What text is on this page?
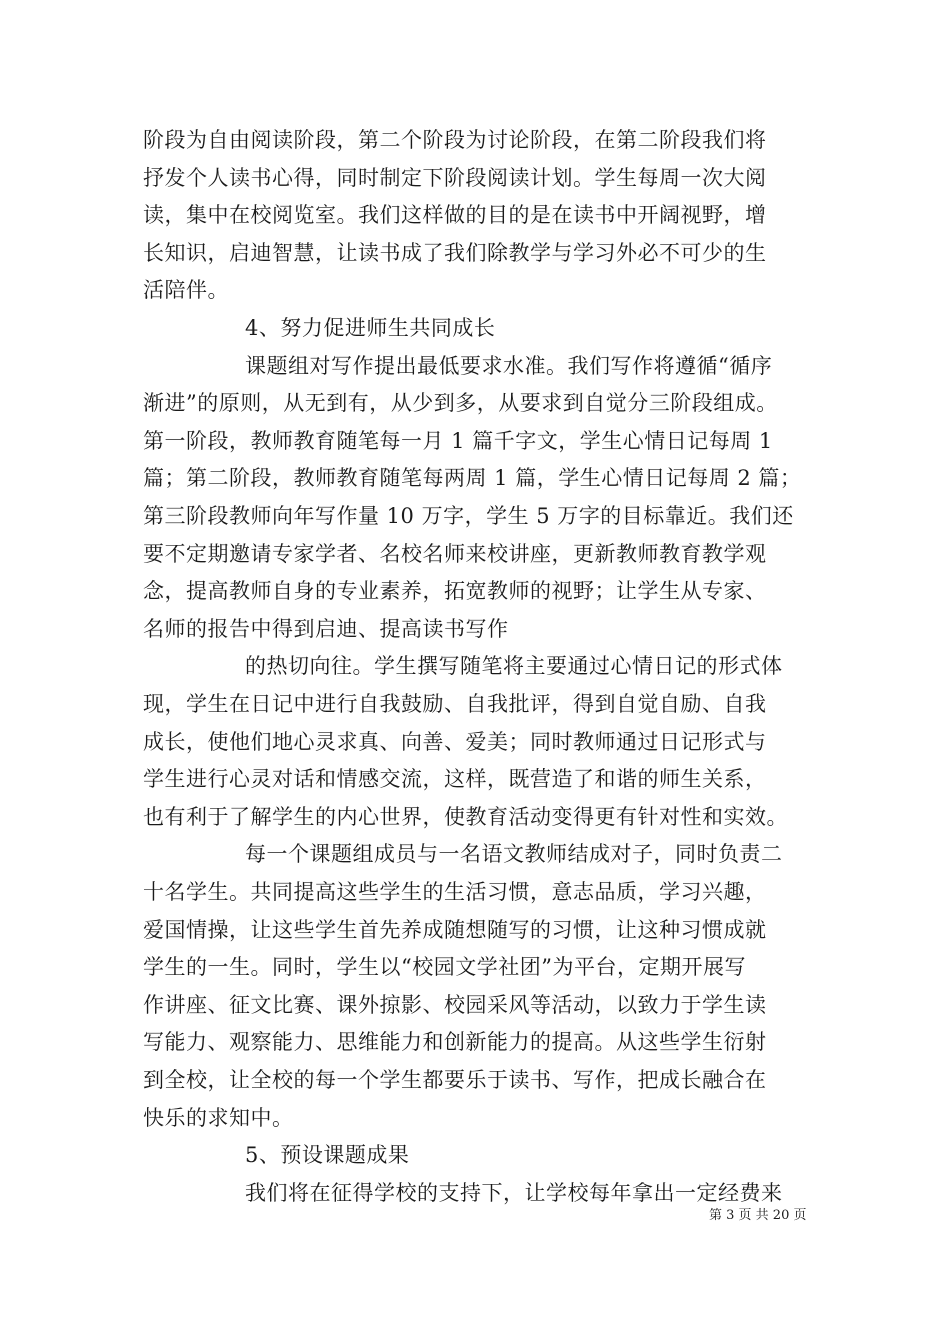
阶段为自由阅读阶段，第二个阶段为讨论阶段，在第二阶段我们将
抒发个人读书心得，同时制定下阶段阅读计划。学生每周一次大阅
读，集中在校阅览室。我们这样做的目的是在读书中开阔视野，增
长知识，启迪智慧，让读书成了我们除教学与学习外必不可少的生
活陪伴。
4、努力促进师生共同成长
课题组对写作提出最低要求水准。我们写作将遵循“循序
渐进”的原则，从无到有，从少到多，从要求到自觉分三阶段组成。
第一阶段，教师教育随笔每一月 1 篇千字文，学生心情日记每周 1
篇；第二阶段，教师教育随笔每两周 1 篇，学生心情日记每周 2 篇；
第三阶段教师向年写作量 10 万字，学生 5 万字的目标靠近。我们还
要不定期邀请专家学者、名校名师来校讲座，更新教师教育教学观
念，提高教师自身的专业素养，拓宽教师的视野；让学生从专家、
名师的报告中得到启迪、提高读书写作
的热切向往。学生撰写随笔将主要通过心情日记的形式体
现，学生在日记中进行自我鼓励、自我批评，得到自觉自励、自我
成长，使他们地心灵求真、向善、爱美；同时教师通过日记形式与
学生进行心灵对话和情感交流，这样，既营造了和谐的师生关系，
也有利于了解学生的内心世界，使教育活动变得更有针对性和实效。
每一个课题组成员与一名语文教师结成对子，同时负责二
十名学生。共同提高这些学生的生活习惯，意志品质，学习兴趣，
爱国情操，让这些学生首先养成随想随写的习惯，让这种习惯成就
学生的一生。同时，学生以“校园文学社团”为平台，定期开展写
作讲座、征文比赛、课外掠影、校园采风等活动，以致力于学生读
写能力、观察能力、思维能力和创新能力的提高。从这些学生衍射
到全校，让全校的每一个学生都要乐于读书、写作，把成长融合在
快乐的求知中。
5、预设课题成果
我们将在征得学校的支持下，让学校每年拿出一定经费来
第 3 页 共 20 页
